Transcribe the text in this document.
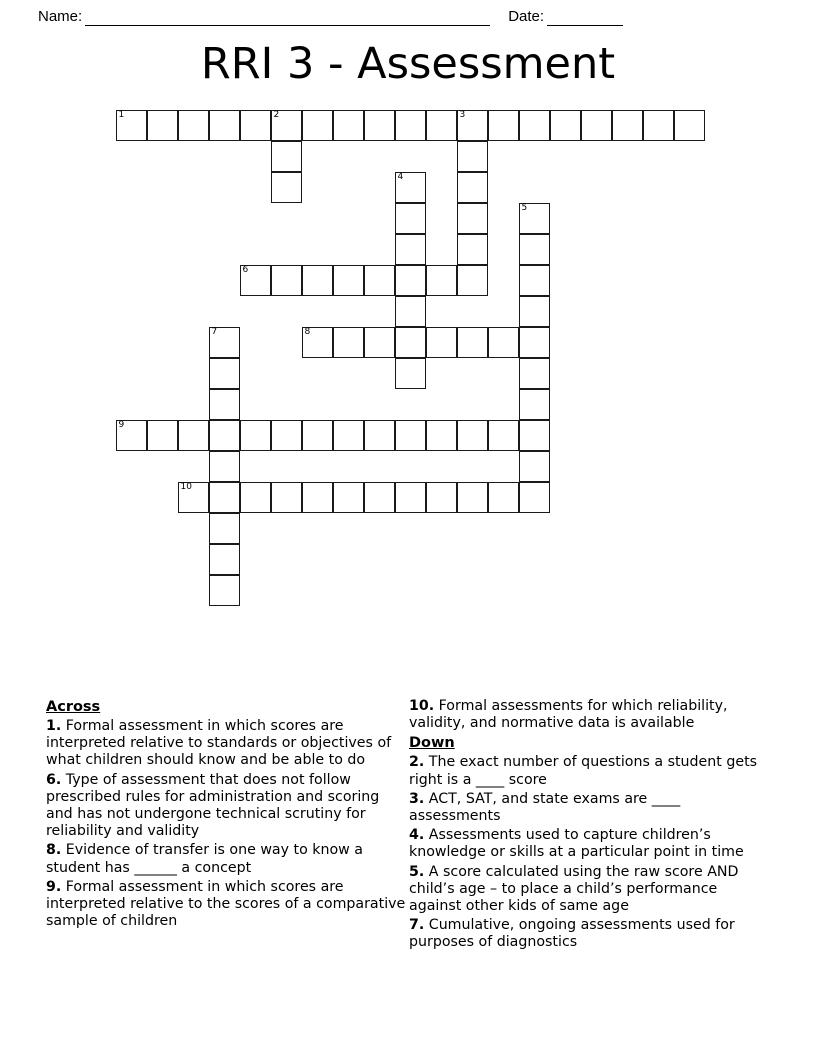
Name:	Date:
RRI 3 - Assessment
1	2	3
4
5
6
7	8
9
10
Across
1. Formal assessment in which scores are interpreted relative to standards or objectives of what children should know and be able to do
6. Type of assessment that does not follow prescribed rules for administration and scoring and has not undergone technical scrutiny for reliability and validity
8. Evidence of transfer is one way to know a student has ______ a concept
9. Formal assessment in which scores are interpreted relative to the scores of a comparative sample of children
10. Formal assessments for which reliability, validity, and normative data is available
Down
2. The exact number of questions a student gets right is a ____ score
3. ACT, SAT, and state exams are ____ assessments
4. Assessments used to capture children’s knowledge or skills at a particular point in time
5. A score calculated using the raw score AND child’s age – to place a child’s performance against other kids of same age
7. Cumulative, ongoing assessments used for purposes of diagnostics
